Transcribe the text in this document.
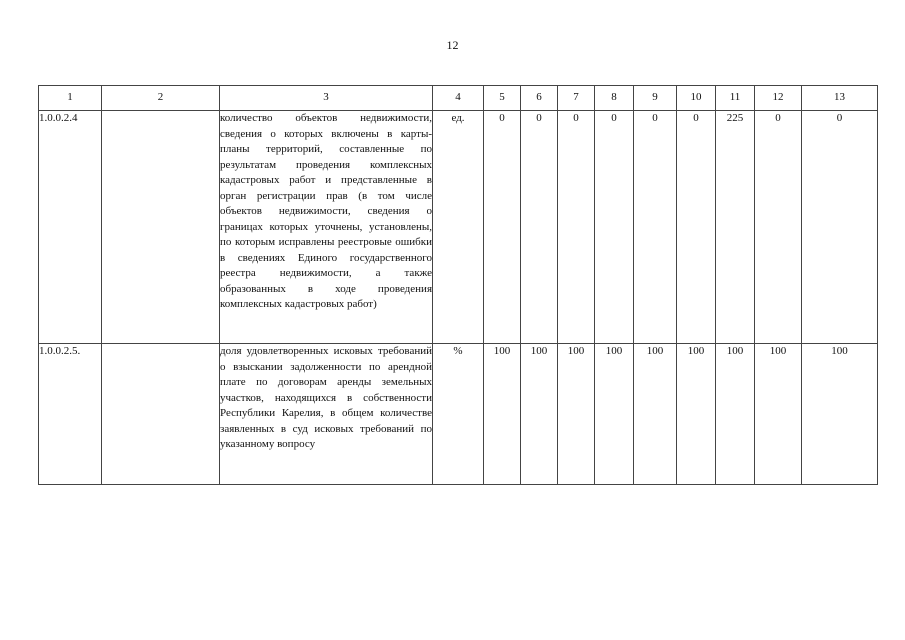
12
1	2	3	4	5	6	7	8	9	10	11	12	13
1.0.0.2.4		количество объектов недвижимости, сведения о которых включены в карты-планы территорий, составленные по результатам проведения комплексных кадастровых работ и представленные в орган регистрации прав (в том числе объектов недвижимости, сведения о границах которых уточнены, установлены, по которым исправлены реестровые ошибки в сведениях Единого государственного реестра недвижимости, а также образованных в ходе проведения комплексных кадастровых работ)	ед.	0	0	0	0	0	0	225	0	0
1.0.0.2.5.		доля удовлетворенных исковых требований о взыскании задолженности по арендной плате по договорам аренды земельных участков, находящихся в собственности Республики Карелия, в общем количестве заявленных в суд исковых требований по указанному вопросу	%	100	100	100	100	100	100	100	100	100
